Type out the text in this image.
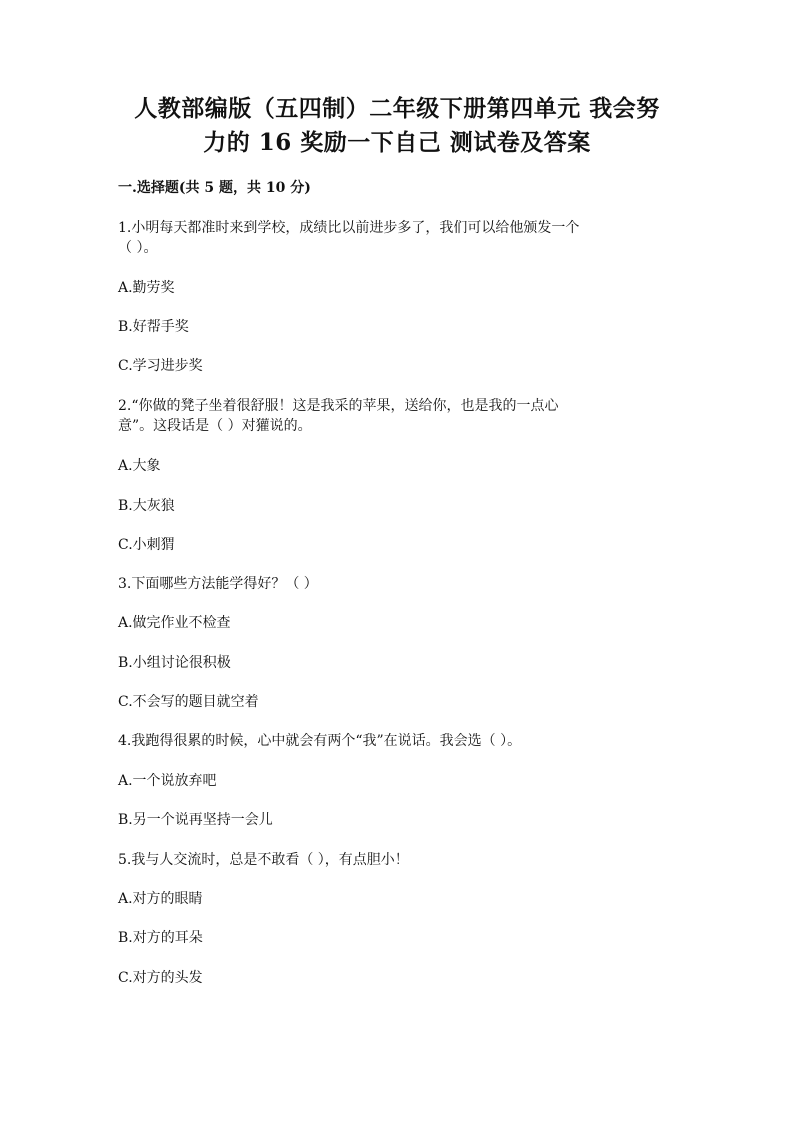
人教部编版（五四制）二年级下册第四单元 我会努
力的 16 奖励一下自己 测试卷及答案
一.选择题(共 5 题，共 10 分)
1.小明每天都准时来到学校，成绩比以前进步多了，我们可以给他颁发一个
（ ）。
A.勤劳奖
B.好帮手奖
C.学习进步奖
2.“你做的凳子坐着很舒服！这是我采的苹果，送给你，也是我的一点心
意”。这段话是（ ）对獾说的。
A.大象
B.大灰狼
C.小刺猬
3.下面哪些方法能学得好？（ ）
A.做完作业不检查
B.小组讨论很积极
C.不会写的题目就空着
4.我跑得很累的时候，心中就会有两个“我”在说话。我会选（ ）。
A.一个说放弃吧
B.另一个说再坚持一会儿
5.我与人交流时，总是不敢看（ ），有点胆小！
A.对方的眼睛
B.对方的耳朵
C.对方的头发
